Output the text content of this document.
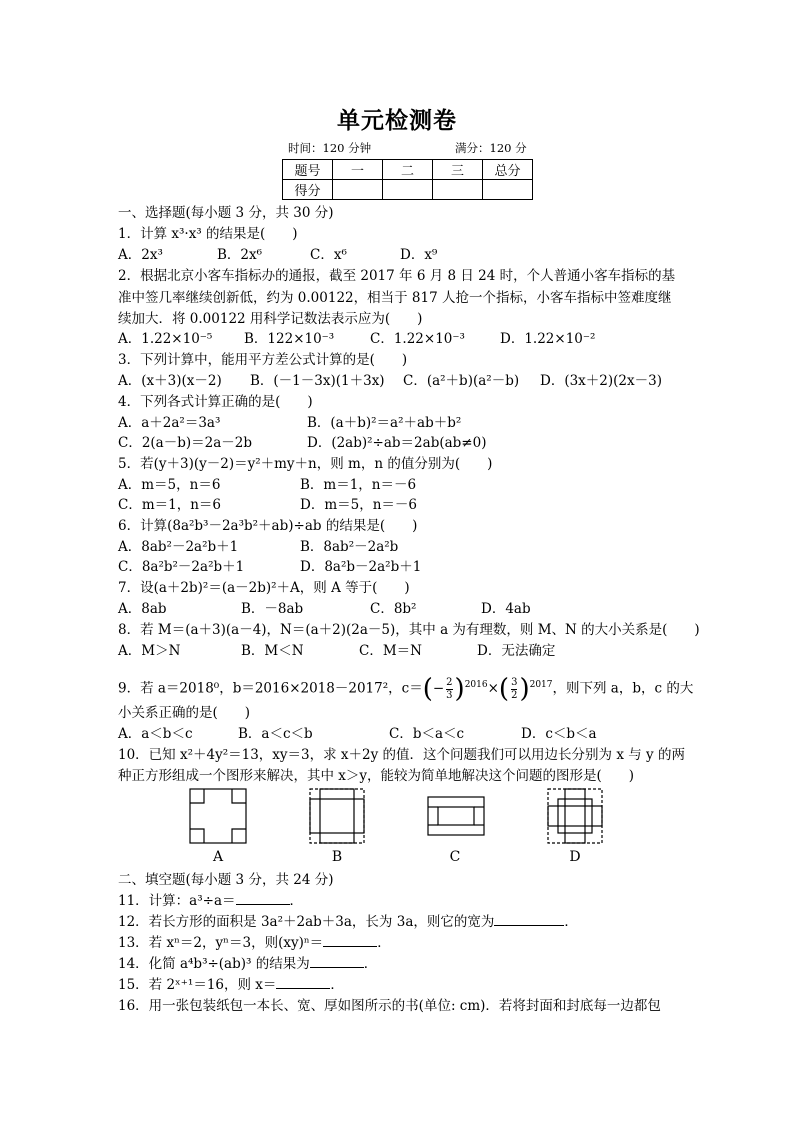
单元检测卷
时间：120 分钟	满分：120 分
题号	一	二	三	总分
得分				
一、选择题(每小题 3 分，共 30 分)
1．计算 x³·x³ 的结果是(　　)
A．2x³	B．2x⁶	C．x⁶	D．x⁹
2．根据北京小客车指标办的通报，截至 2017 年 6 月 8 日 24 时，个人普通小客车指标的基
准中签几率继续创新低，约为 0.00122，相当于 817 人抢一个指标，小客车指标中签难度继
续加大．将 0.00122 用科学记数法表示应为(　　)
A．1.22×10⁻⁵ B．122×10⁻³	C．1.22×10⁻³	D．1.22×10⁻²
3．下列计算中，能用平方差公式计算的是(　　)
A．(x＋3)(x－2) B．(－1－3x)(1＋3x) C．(a²＋b)(a²－b) D．(3x＋2)(2x－3)
4．下列各式计算正确的是(　　)
A．a＋2a²＝3a³	B．(a＋b)²＝a²＋ab＋b²
C．2(a－b)＝2a－2b	D．(2ab)²÷ab＝2ab(ab≠0)
5．若(y＋3)(y－2)＝y²＋my＋n，则 m，n 的值分别为(　　)
A．m＝5，n＝6	B．m＝1，n＝－6
C．m＝1，n＝6	D．m＝5，n＝－6
6．计算(8a²b³－2a³b²＋ab)÷ab 的结果是(　　)
A．8ab²－2a²b＋1	B．8ab²－2a²b
C．8a²b²－2a²b＋1	D．8a²b－2a²b＋1
7．设(a＋2b)²＝(a－2b)²＋A，则 A 等于(　　)
A．8ab	B．－8ab	C．8b²	D．4ab
8．若 M＝(a＋3)(a－4)，N＝(a＋2)(2a－5)，其中 a 为有理数，则 M、N 的大小关系是(　　)
A．M＞N	B．M＜N	C．M＝N	D．无法确定
9．若 a＝2018⁰，b＝2016×2018－2017²，$c=(- \frac{2}{3} )^{2016}\times( \frac{3}{2} )^{2017}$，则下列 a，b，c 的大
小关系正确的是(　　)
A．a＜b＜c	B．a＜c＜b	C．b＜a＜c	D．c＜b＜a
10．已知 x²＋4y²＝13，xy＝3，求 x＋2y 的值．这个问题我们可以用边长分别为 x 与 y 的两
种正方形组成一个图形来解决，其中 x＞y，能较为简单地解决这个问题的图形是(　　)
A	B	C	D
二、填空题(每小题 3 分，共 24 分)
11．计算：a³÷a＝	．
12．若长方形的面积是 3a²＋2ab＋3a，长为 3a，则它的宽为	．
13．若 xⁿ＝2，yⁿ＝3，则(xy)ⁿ＝	．
14．化简 a⁴b³÷(ab)³ 的结果为	．
15．若 2ˣ⁺¹＝16，则 x＝	．
16．用一张包装纸包一本长、宽、厚如图所示的书(单位: cm)．若将封面和封底每一边都包
